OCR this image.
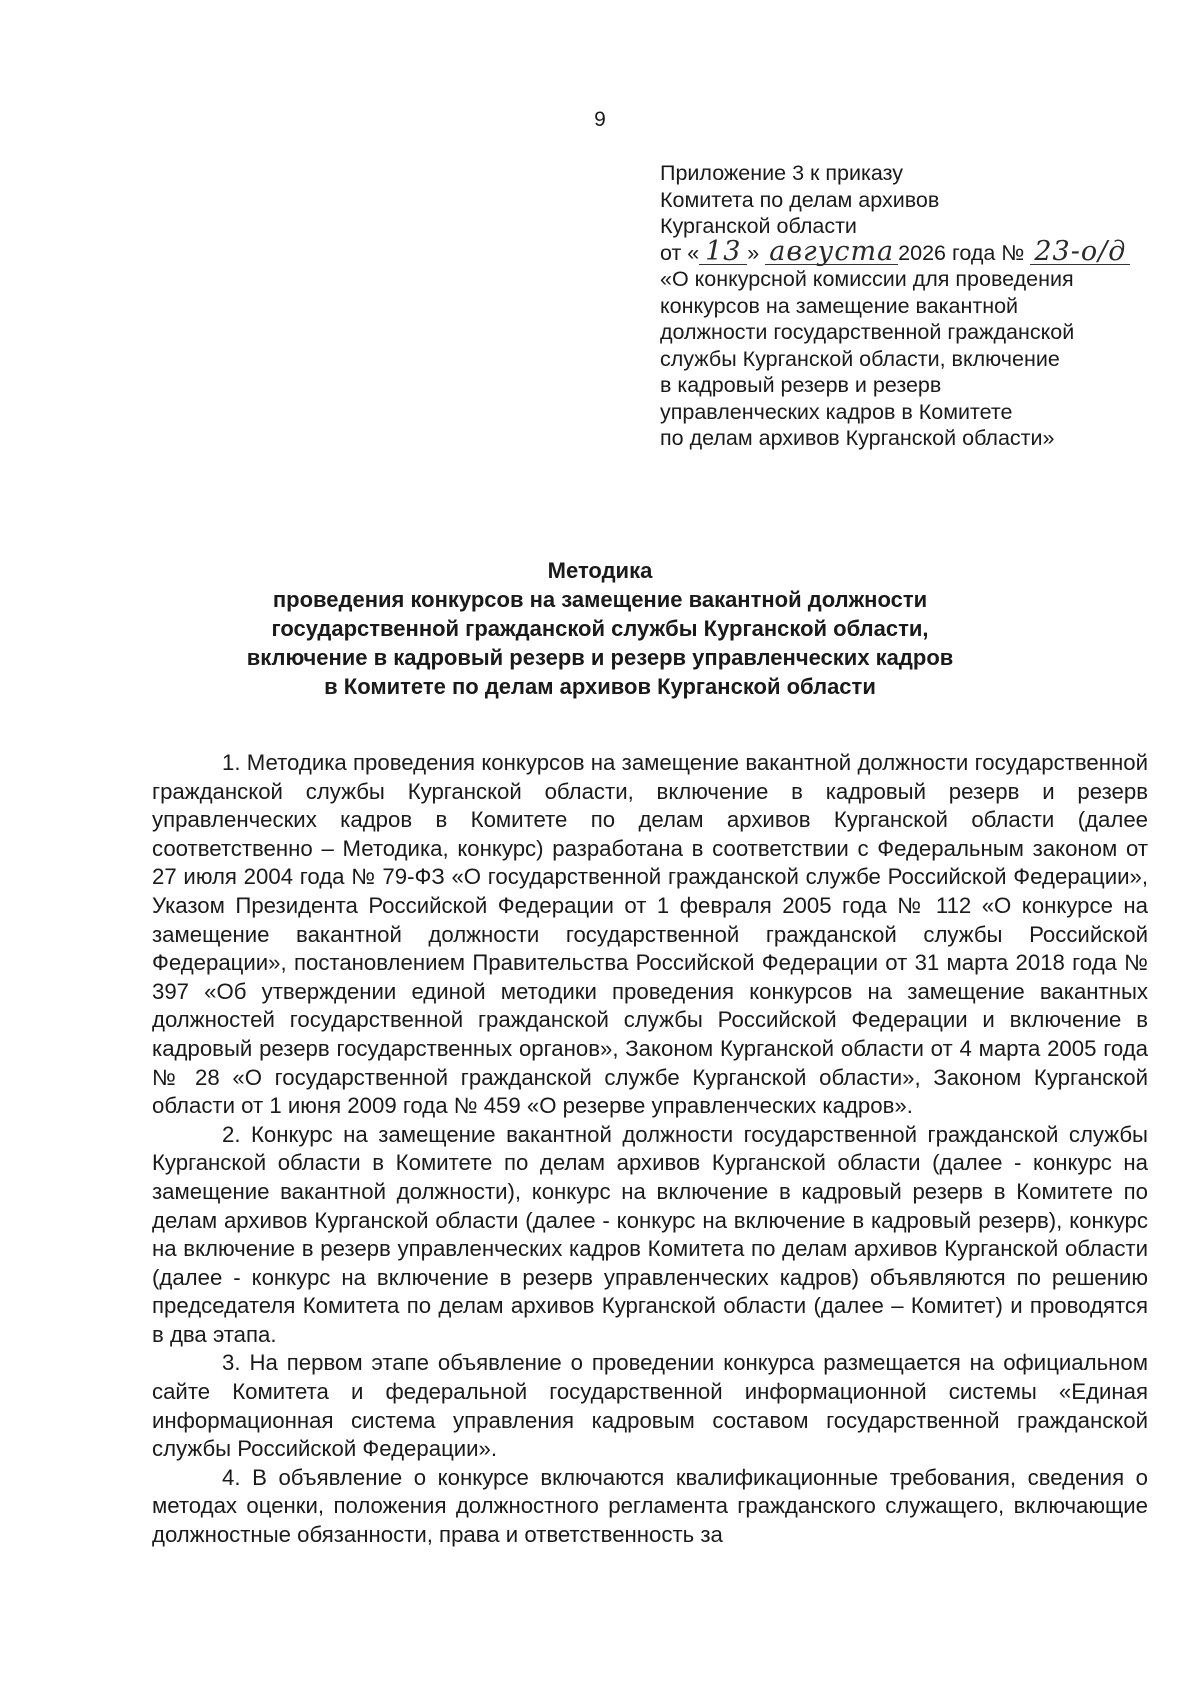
9
Приложение 3 к приказу
Комитета по делам архивов
Курганской области
от « 13 » августа 2026 года № 23-о/д
«О конкурсной комиссии для проведения
конкурсов на замещение вакантной
должности государственной гражданской
службы Курганской области, включение
в кадровый резерв и резерв
управленческих кадров в Комитете
по делам архивов Курганской области»
Методика
проведения конкурсов на замещение вакантной должности
государственной гражданской службы Курганской области,
включение в кадровый резерв и резерв управленческих кадров
в Комитете по делам архивов Курганской области

1. Методика проведения конкурсов на замещение вакантной должности государственной гражданской службы Курганской области, включение в кадровый резерв и резерв управленческих кадров в Комитете по делам архивов Курганской области (далее соответственно – Методика, конкурс) разработана в соответствии с Федеральным законом от 27 июля 2004 года № 79-ФЗ «О государственной гражданской службе Российской Федерации», Указом Президента Российской Федерации от 1 февраля 2005 года № 112 «О конкурсе на замещение вакантной должности государственной гражданской службы Российской Федерации», постановлением Правительства Российской Федерации от 31 марта 2018 года № 397 «Об утверждении единой методики проведения конкурсов на замещение вакантных должностей государственной гражданской службы Российской Федерации и включение в кадровый резерв государственных органов», Законом Курганской области от 4 марта 2005 года № 28 «О государственной гражданской службе Курганской области», Законом Курганской области от 1 июня 2009 года № 459 «О резерве управленческих кадров».

2. Конкурс на замещение вакантной должности государственной гражданской службы Курганской области в Комитете по делам архивов Курганской области (далее - конкурс на замещение вакантной должности), конкурс на включение в кадровый резерв в Комитете по делам архивов Курганской области (далее - конкурс на включение в кадровый резерв), конкурс на включение в резерв управленческих кадров Комитета по делам архивов Курганской области (далее - конкурс на включение в резерв управленческих кадров) объявляются по решению председателя Комитета по делам архивов Курганской области (далее – Комитет) и проводятся в два этапа.

3. На первом этапе объявление о проведении конкурса размещается на официальном сайте Комитета и федеральной государственной информационной системы «Единая информационная система управления кадровым составом государственной гражданской службы Российской Федерации».

4. В объявление о конкурсе включаются квалификационные требования, сведения о методах оценки, положения должностного регламента гражданского служащего, включающие должностные обязанности, права и ответственность за
